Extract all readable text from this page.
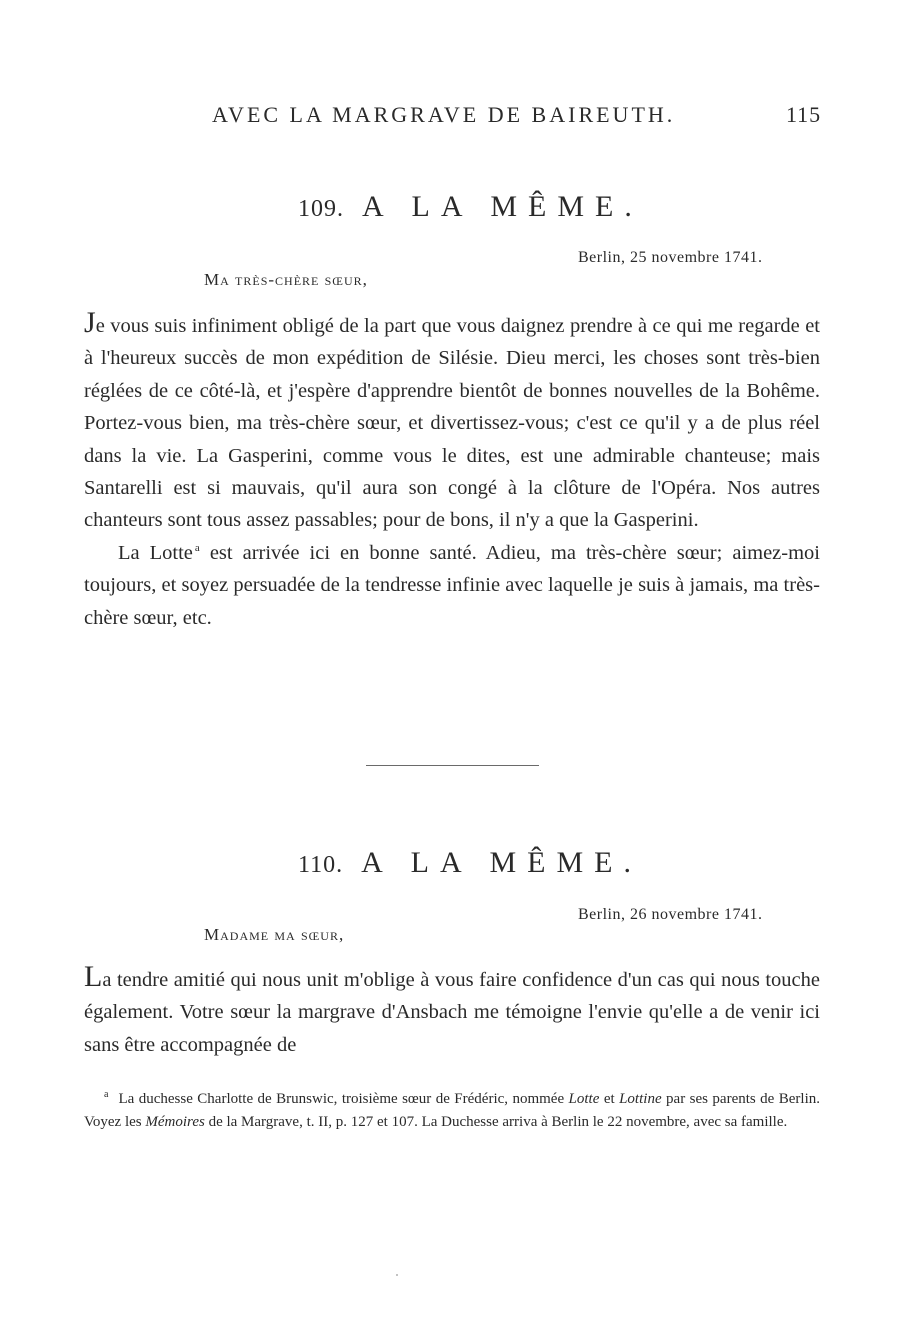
AVEC LA MARGRAVE DE BAIREUTH.	115
109. A LA MÊME.
Berlin, 25 novembre 1741.
Ma très-chère sœur,

Je vous suis infiniment obligé de la part que vous daignez prendre à ce qui me regarde et à l'heureux succès de mon expédition de Silésie. Dieu merci, les choses sont très-bien réglées de ce côté-là, et j'espère d'apprendre bientôt de bonnes nouvelles de la Bohême. Portez-vous bien, ma très-chère sœur, et divertissez-vous; c'est ce qu'il y a de plus réel dans la vie. La Gasperini, comme vous le dites, est une admirable chanteuse; mais Santarelli est si mauvais, qu'il aura son congé à la clôture de l'Opéra. Nos autres chanteurs sont tous assez passables; pour de bons, il n'y a que la Gasperini.

La Lotte $^a$ est arrivée ici en bonne santé. Adieu, ma très-chère sœur; aimez-moi toujours, et soyez persuadée de la tendresse infinie avec laquelle je suis à jamais, ma très-chère sœur, etc.

110. A LA MÊME.
Berlin, 26 novembre 1741.
Madame ma sœur,

La tendre amitié qui nous unit m'oblige à vous faire confidence d'un cas qui nous touche également. Votre sœur la margrave d'Ansbach me témoigne l'envie qu'elle a de venir ici sans être accompagnée de

$^a$ La duchesse Charlotte de Brunswic, troisième sœur de Frédéric, nommée Lotte et Lottine par ses parents de Berlin. Voyez les Mémoires de la Margrave, t. II, p. 127 et 107. La Duchesse arriva à Berlin le 22 novembre, avec sa famille.
